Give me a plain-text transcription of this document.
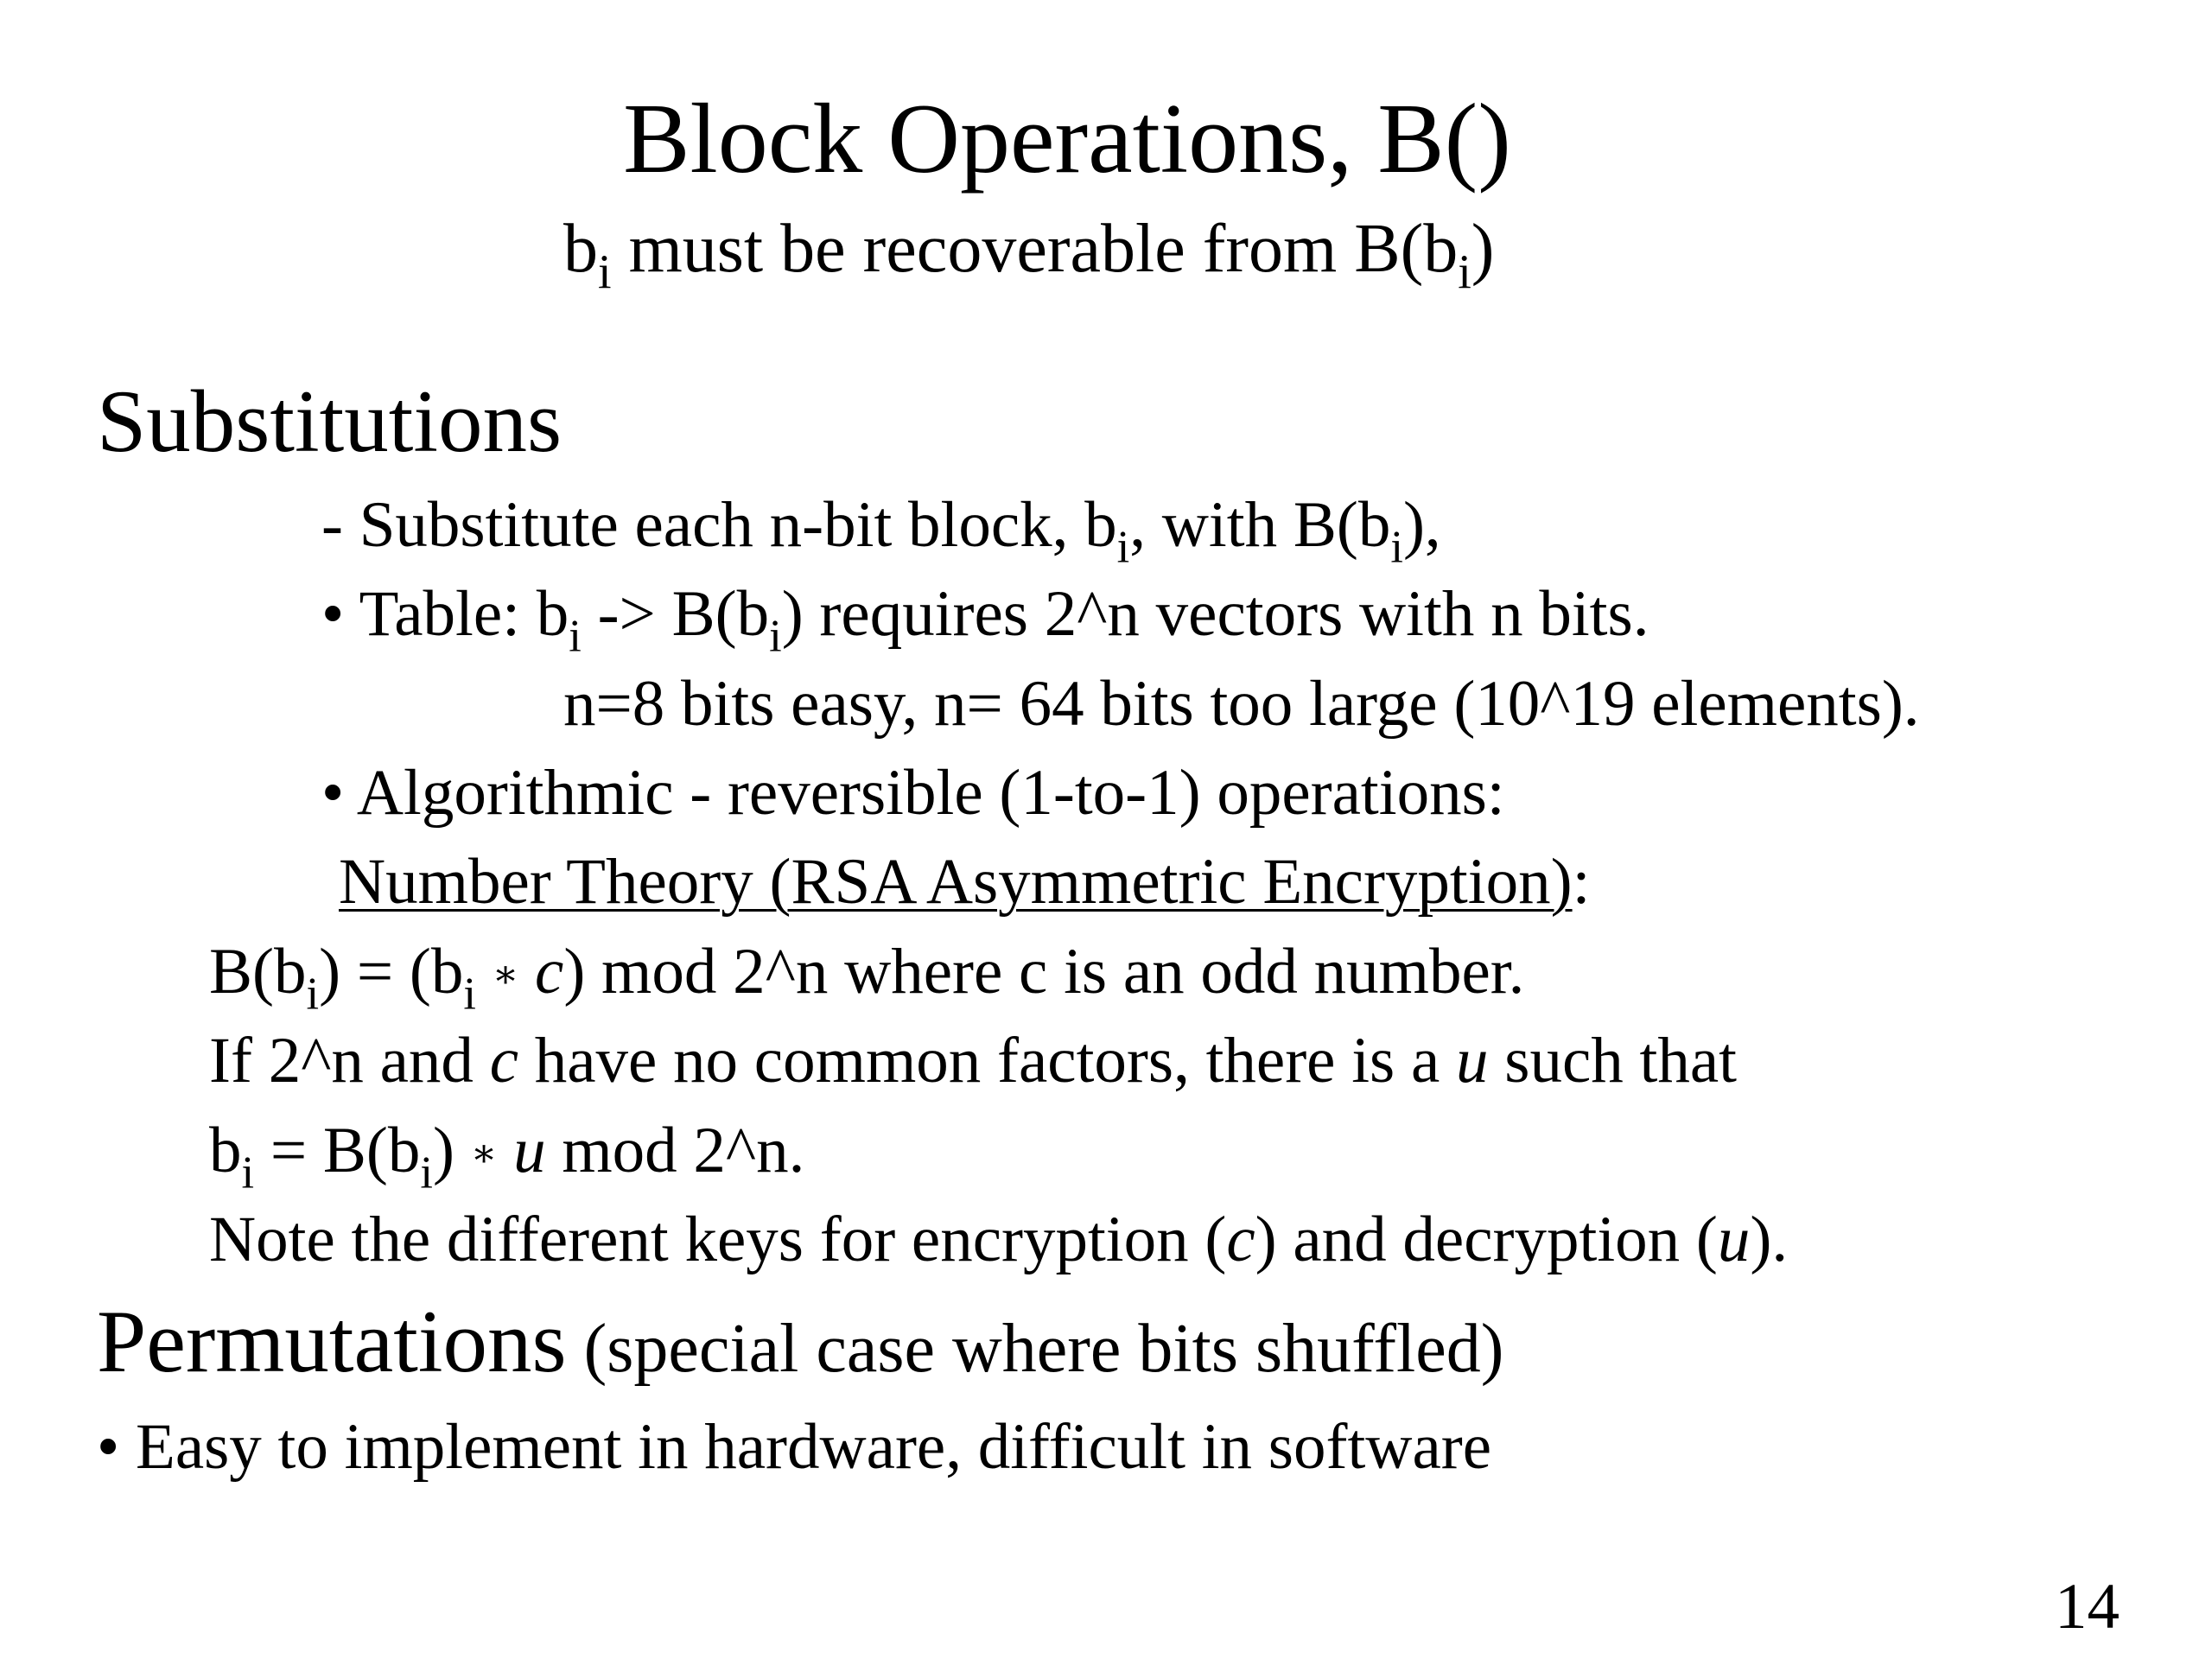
Block Operations, B()
$b_i$ must be recoverable from $B(b_i)$
Substitutions
- Substitute each n-bit block, $b_i$, with $B(b_i)$,
• Table: $b_i -> B(b_i)$ requires 2^n vectors with n bits.
n=8 bits easy, n= 64 bits too large (10^19 elements).
• Algorithmic - reversible (1-to-1) operations:
Number Theory (RSA Asymmetric Encryption):
$B(b_i) = (b_i$ ∗ c) mod 2^n where c is an odd number.
If 2^n and c have no common factors, there is a u such that
$b_i = B(b_i)$ ∗ u mod 2^n.
Note the different keys for encryption (c) and decryption (u).
Permutations (special case where bits shuffled)
• Easy to implement in hardware, difficult in software
14
